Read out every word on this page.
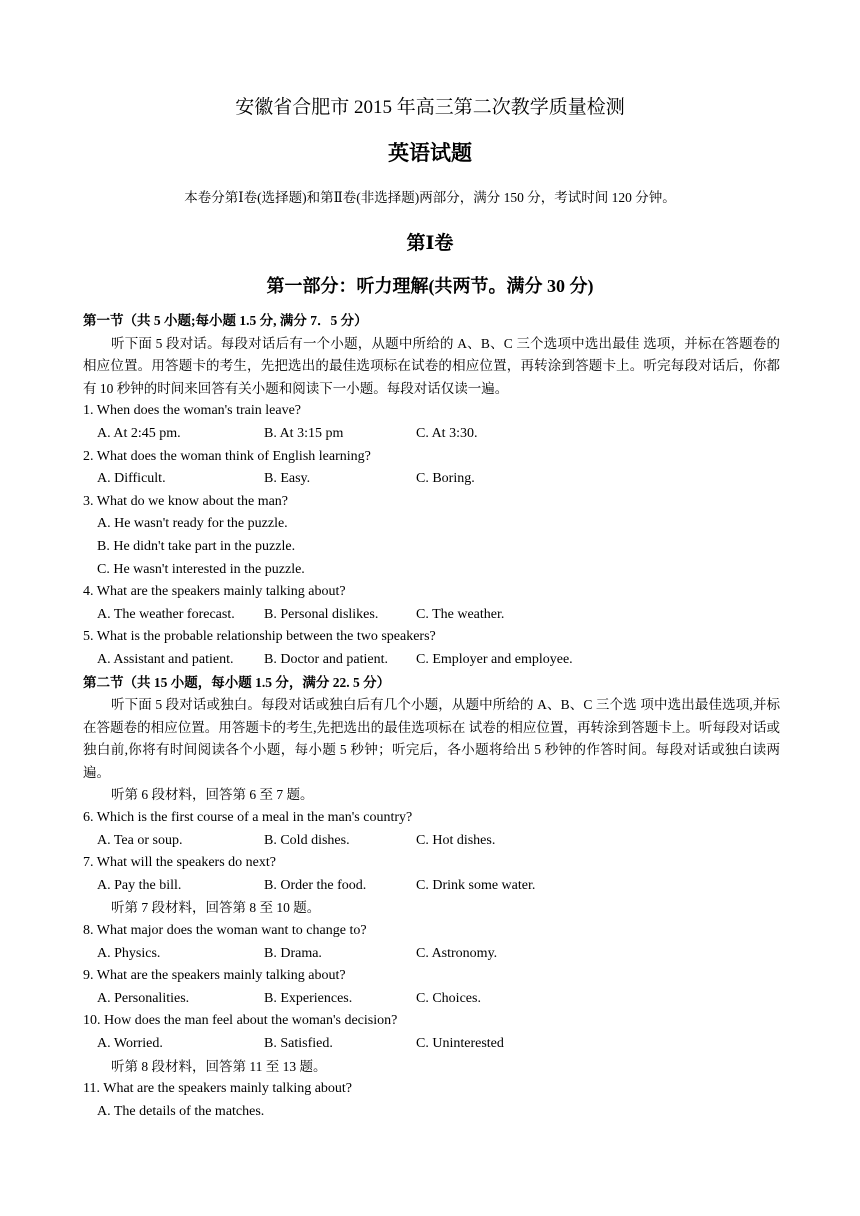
安徽省合肥市 2015 年高三第二次教学质量检测
英语试题
本卷分第Ⅰ卷(选择题)和第Ⅱ卷(非选择题)两部分，满分 150 分，考试时间 120 分钟。
第Ⅰ卷
第一部分：听力理解(共两节。满分 30 分)
第一节（共 5 小题;每小题 1.5 分, 满分 7．5 分）
听下面 5 段对话。每段对话后有一个小题，从题中所给的 A、B、C 三个选项中选出最佳 选项，并标在答题卷的相应位置。用答题卡的考生，先把选出的最佳选项标在试卷的相应位置，再转涂到答题卡上。听完每段对话后，你都有 10 秒钟的时间来回答有关小题和阅读下一小题。每段对话仅读一遍。
1. When does the woman's train leave?
A. At 2:45 pm.	B. At 3:15 pm	C. At 3:30.
2. What does the woman think of English learning?
A. Difficult.	B. Easy.	C. Boring.
3. What do we know about the man?
A. He wasn't ready for the puzzle.
B. He didn't take part in the puzzle.
C. He wasn't interested in the puzzle.
4. What are the speakers mainly talking about?
A. The weather forecast. B. Personal dislikes.	C. The weather.
5. What is the probable relationship between the two speakers?
A. Assistant and patient. B. Doctor and patient. C. Employer and employee.
第二节（共 15 小题，每小题 1.5 分，满分 22. 5 分）
听下面 5 段对话或独白。每段对话或独白后有几个小题，从题中所给的 A、B、C 三个选 项中选出最佳选项,并标在答题卷的相应位置。用答题卡的考生,先把选出的最佳选项标在 试卷的相应位置，再转涂到答题卡上。听每段对话或独白前,你将有时间阅读各个小题，每小题 5 秒钟；听完后，各小题将给出 5 秒钟的作答时间。每段对话或独白读两遍。
听第 6 段材料，回答第 6 至 7 题。
6. Which is the first course of a meal in the man's country?
A. Tea or soup.	B. Cold dishes.	C. Hot dishes.
7. What will the speakers do next?
A. Pay the bill.	B. Order the food.	C. Drink some water.
听第 7 段材料，回答第 8 至 10 题。
8. What major does the woman want to change to?
A. Physics.	B. Drama.	C. Astronomy.
9. What are the speakers mainly talking about?
A. Personalities.	B. Experiences.	C. Choices.
10. How does the man feel about the woman's decision?
A. Worried.	B. Satisfied.	C. Uninterested
听第 8 段材料，回答第 11 至 13 题。
11. What are the speakers mainly talking about?
A. The details of the matches.
